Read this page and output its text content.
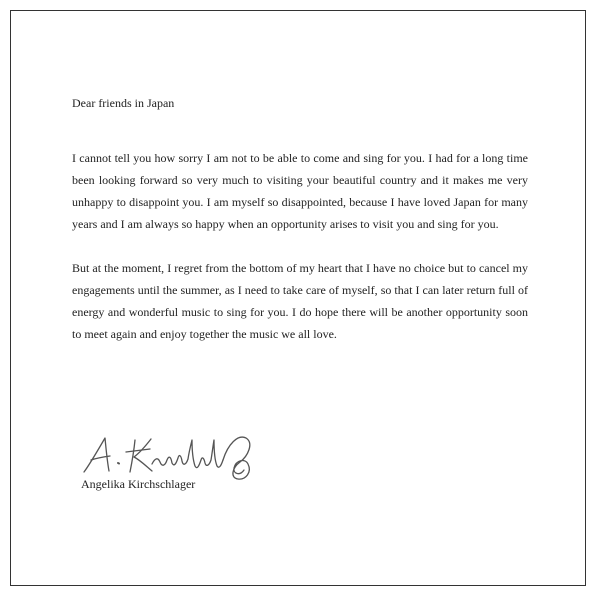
Dear friends in Japan

I cannot tell you how sorry I am not to be able to come and sing for you. I had for a long time been looking forward so very much to visiting your beautiful country and it makes me very unhappy to disappoint you. I am myself so disappointed, because I have loved Japan for many years and I am always so happy when an opportunity arises to visit you and sing for you.

But at the moment, I regret from the bottom of my heart that I have no choice but to cancel my engagements until the summer, as I need to take care of myself, so that I can later return full of energy and wonderful music to sing for you. I do hope there will be another opportunity soon to meet again and enjoy together the music we all love.

Angelika Kirchschlager
